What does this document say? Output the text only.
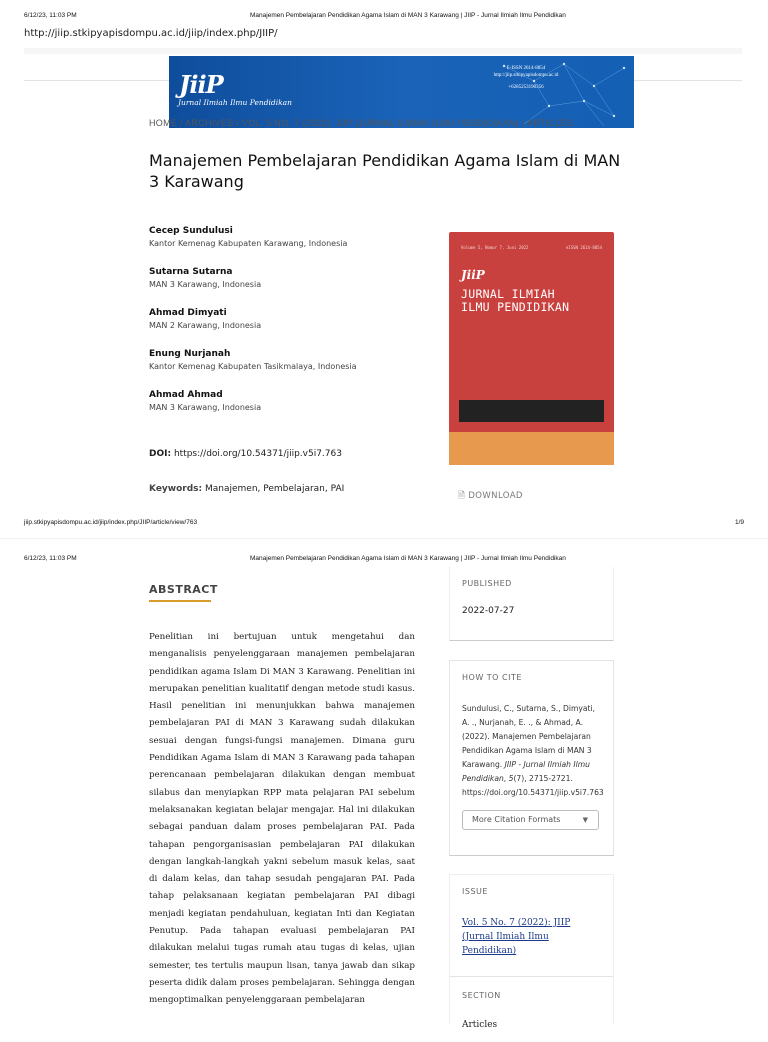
6/12/23, 11:03 PM	Manajemen Pembelajaran Pendidikan Agama Islam di MAN 3 Karawang | JIIP - Jurnal Ilmiah Ilmu Pendidikan
http://jiip.stkipyapisdompu.ac.id/jiip/index.php/JIIP/
JiiP
Jurnal Ilmiah Ilmu Pendidikan
E-ISSN 2614-8854
http://jiip.stkipyapisdompu.ac.id
+6285253190356
HOME / ARCHIVES / VOL. 5 NO. 7 (2022): JIIP (JURNAL ILMIAH ILMU PENDIDIKAN) / ARTICLES
Manajemen Pembelajaran Pendidikan Agama Islam di MAN 3 Karawang
Cecep Sundulusi
Kantor Kemenag Kabupaten Karawang, Indonesia
Sutarna Sutarna
MAN 3 Karawang, Indonesia
Ahmad Dimyati
MAN 2 Karawang, Indonesia
Enung Nurjanah
Kantor Kemenag Kabupaten Tasikmalaya, Indonesia
Ahmad Ahmad
MAN 3 Karawang, Indonesia
DOI: https://doi.org/10.54371/jiip.v5i7.763
Keywords: Manajemen, Pembelajaran, PAI
Volume 5, Nomor 7, Juni 2022	eISSN 2614-8854
JiiP
JURNAL ILMIAH
ILMU PENDIDIKAN
🗎 DOWNLOAD
jiip.stkipyapisdompu.ac.id/jiip/index.php/JIIP/article/view/763	1/9
6/12/23, 11:03 PM	Manajemen Pembelajaran Pendidikan Agama Islam di MAN 3 Karawang | JIIP - Jurnal Ilmiah Ilmu Pendidikan
ABSTRACT

Penelitian ini bertujuan untuk mengetahui dan menganalisis penyelenggaraan manajemen pembelajaran pendidikan agama Islam Di MAN 3 Karawang. Penelitian ini merupakan penelitian kualitatif dengan metode studi kasus. Hasil penelitian ini menunjukkan bahwa manajemen pembelajaran PAI di MAN 3 Karawang sudah dilakukan sesuai dengan fungsi-fungsi manajemen. Dimana guru Pendidikan Agama Islam di MAN 3 Karawang pada tahapan perencanaan pembelajaran dilakukan dengan membuat silabus dan menyiapkan RPP mata pelajaran PAI sebelum melaksanakan kegiatan belajar mengajar. Hal ini dilakukan sebagai panduan dalam proses pembelajaran PAI. Pada tahapan pengorganisasian pembelajaran PAI dilakukan dengan langkah-langkah yakni sebelum masuk kelas, saat di dalam kelas, dan tahap sesudah pengajaran PAI. Pada tahap pelaksanaan kegiatan pembelajaran PAI dibagi menjadi kegiatan pendahuluan, kegiatan Inti dan Kegiatan Penutup. Pada tahapan evaluasi pembelajaran PAI dilakukan melalui tugas rumah atau tugas di kelas, ujian semester, tes tertulis maupun lisan, tanya jawab dan sikap peserta didik dalam proses pembelajaran. Sehingga dengan mengoptimalkan penyelenggaraan pembelajaran

PUBLISHED
2022-07-27
HOW TO CITE
Sundulusi, C., Sutarna, S., Dimyati, A. ., Nurjanah, E. ., & Ahmad, A. (2022). Manajemen Pembelajaran Pendidikan Agama Islam di MAN 3 Karawang. JIIP - Jurnal Ilmiah Ilmu Pendidikan, 5(7), 2715-2721. https://doi.org/10.54371/jiip.v5i7.763
More Citation Formats	▼
ISSUE
Vol. 5 No. 7 (2022): JIIP (Jurnal Ilmiah Ilmu Pendidikan)
SECTION
Articles
